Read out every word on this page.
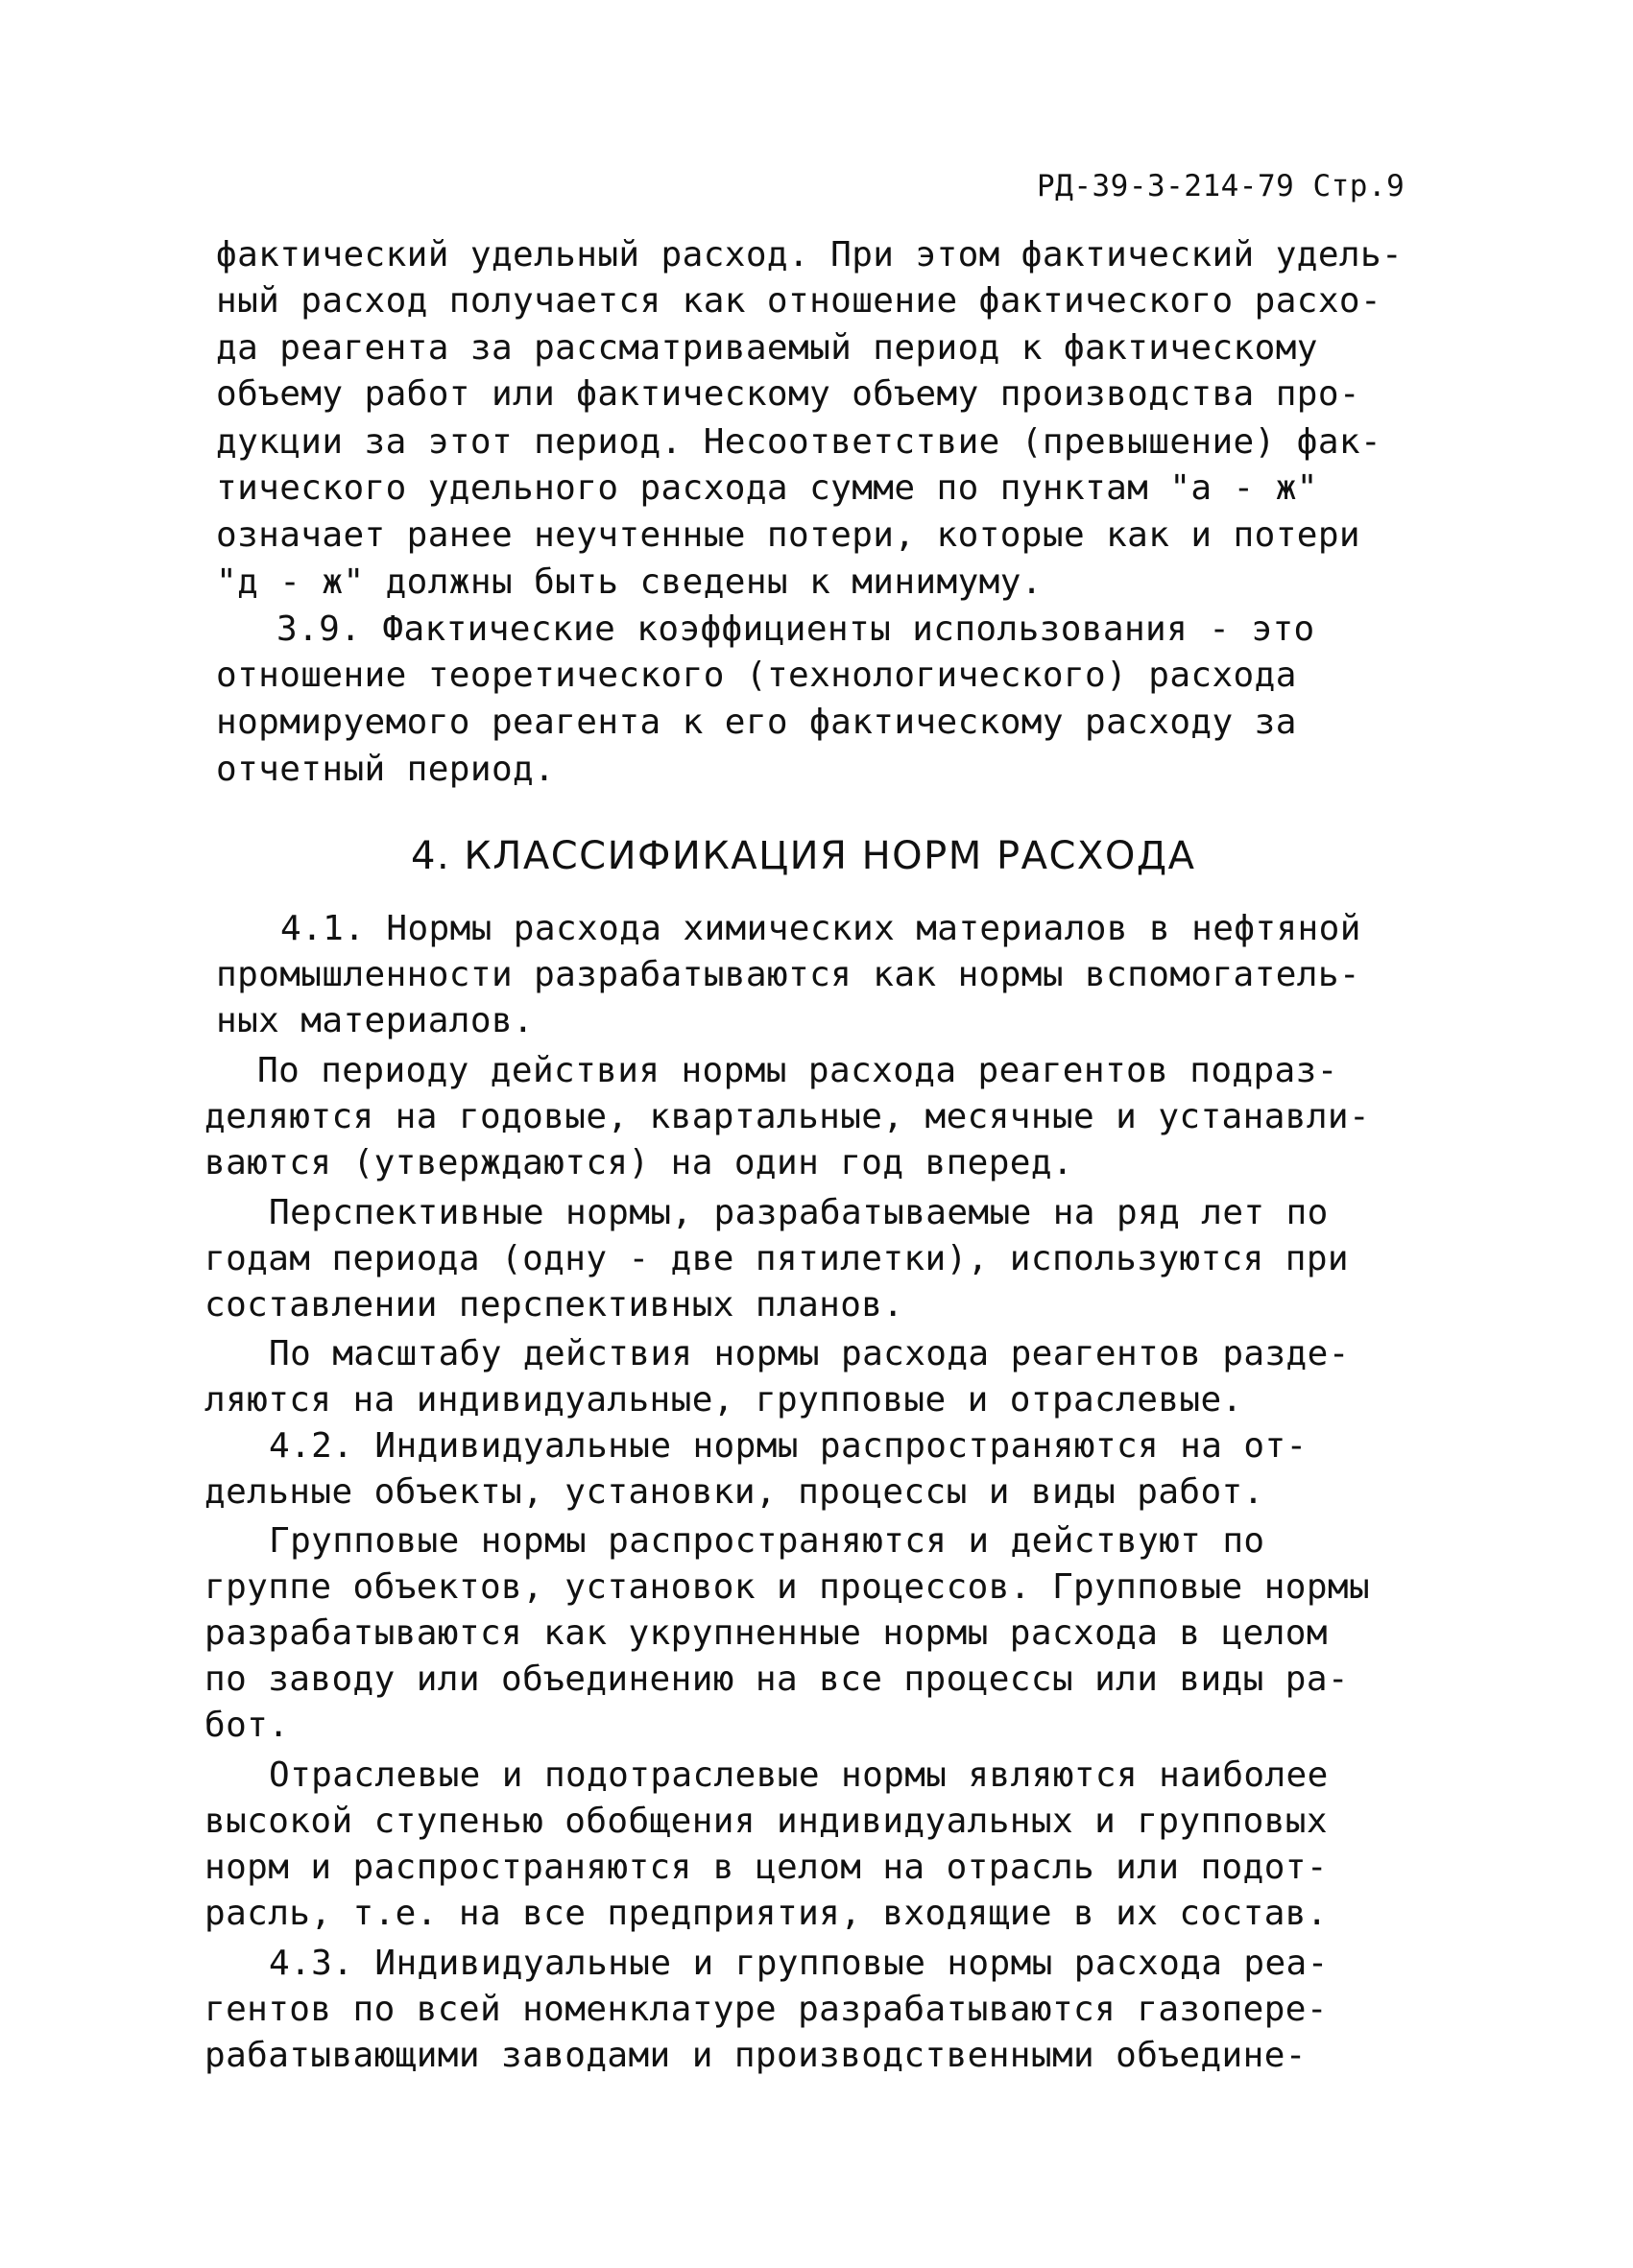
РД-39-3-214-79 Стр.9
фактический удельный расход. При этом фактический удель-
ный расход получается как отношение фактического расхо-
да реагента за рассматриваемый период к фактическому
объему работ или фактическому объему производства про-
дукции за этот период. Несоответствие (превышение) фак-
тического удельного расхода сумме по пунктам "а - ж"
означает ранее неучтенные потери, которые как и потери
"д - ж" должны быть сведены к минимуму.
3.9. Фактические коэффициенты использования - это
отношение теоретического (технологического) расхода
нормируемого реагента к его фактическому расходу за
отчетный период.
4. КЛАССИФИКАЦИЯ НОРМ РАСХОДА
4.1. Нормы расхода химических материалов в нефтяной
промышленности разрабатываются как нормы вспомогатель-
ных материалов.
По периоду действия нормы расхода реагентов подраз-
деляются на годовые, квартальные, месячные и устанавли-
ваются (утверждаются) на один год вперед.
Перспективные нормы, разрабатываемые на ряд лет по
годам периода (одну - две пятилетки), используются при
составлении перспективных планов.
По масштабу действия нормы расхода реагентов разде-
ляются на индивидуальные, групповые и отраслевые.
4.2. Индивидуальные нормы распространяются на от-
дельные объекты, установки, процессы и виды работ.
Групповые нормы распространяются и действуют по
группе объектов, установок и процессов. Групповые нормы
разрабатываются как укрупненные нормы расхода в целом
по заводу или объединению на все процессы или виды ра-
бот.
Отраслевые и подотраслевые нормы являются наиболее
высокой ступенью обобщения индивидуальных и групповых
норм и распространяются в целом на отрасль или подот-
расль, т.е. на все предприятия, входящие в их состав.
4.3. Индивидуальные и групповые нормы расхода реа-
гентов по всей номенклатуре разрабатываются газопере-
рабатывающими заводами и производственными объедине-
